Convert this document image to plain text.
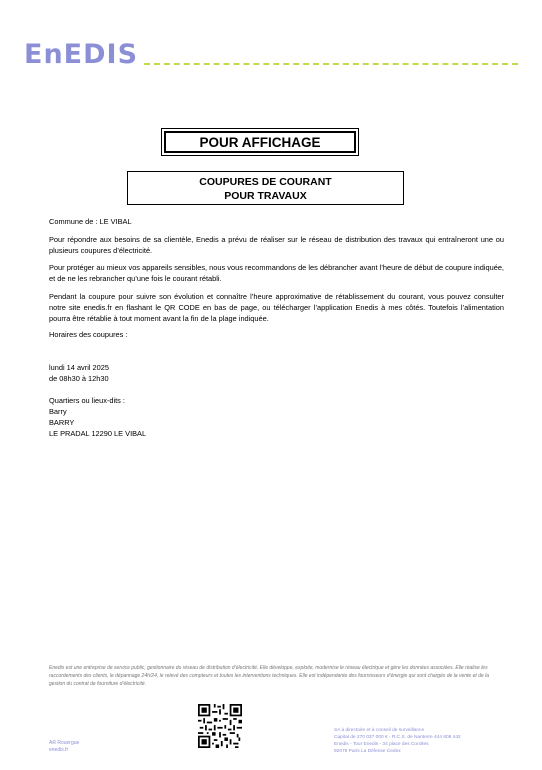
EnEDIS
POUR AFFICHAGE
COUPURES DE COURANT
POUR TRAVAUX
Commune de : LE VIBAL
Pour répondre aux besoins de sa clientèle, Enedis a prévu de réaliser sur le réseau de distribution des travaux qui entraîneront une ou plusieurs coupures d’électricité.
Pour protéger au mieux vos appareils sensibles, nous vous recommandons de les débrancher avant l’heure de début de coupure indiquée, et de ne les rebrancher qu’une fois le courant rétabli.
Pendant la coupure pour suivre son évolution et connaître l’heure approximative de rétablissement du courant, vous pouvez consulter notre site enedis.fr en flashant le QR CODE en bas de page, ou télécharger l’application Enedis à mes côtés. Toutefois l’alimentation pourra être rétablie à tout moment avant la fin de la plage indiquée.
Horaires des coupures :
lundi 14 avril 2025
de 08h30 à 12h30
Quartiers ou lieux-dits :
Barry
BARRY
LE PRADAL 12290 LE VIBAL
Enedis est une entreprise de service public, gestionnaire du réseau de distribution d’électricité. Elle développe, exploite, modernise le réseau électrique et gère les données associées. Elle réalise les raccordements des clients, le dépannage 24h/24, le relevé des compteurs et toutes les interventions techniques. Elle est indépendante des fournisseurs d’énergie qui sont chargés de la vente et de la gestion du contrat de fourniture d’électricité.
AR Rouergue
enedis.fr
SA à directoire et à conseil de surveillance
Capital de 270 037 000 € - R.C.S. de Nanterre 444 608 442
Enedis - Tour Enedis - 34 place des Corolles
92079 Paris La Défense Cedex
